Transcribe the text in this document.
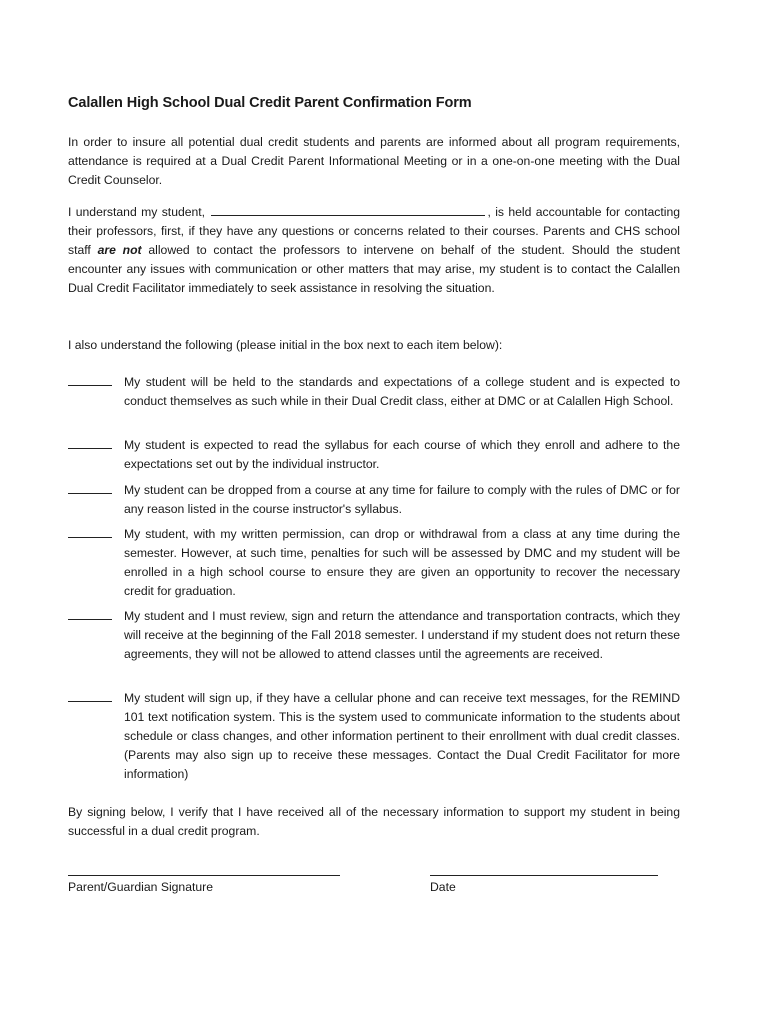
Calallen High School Dual Credit Parent Confirmation Form

In order to insure all potential dual credit students and parents are informed about all program requirements, attendance is required at a Dual Credit Parent Informational Meeting or in a one-on-one meeting with the Dual Credit Counselor.

I understand my student,	, is held accountable for contacting their professors, first, if they have any questions or concerns related to their courses. Parents and CHS school staff are not allowed to contact the professors to intervene on behalf of the student. Should the student encounter any issues with communication or other matters that may arise, my student is to contact the Calallen Dual Credit Facilitator immediately to seek assistance in resolving the situation.

I also understand the following (please initial in the box next to each item below):

My student will be held to the standards and expectations of a college student and is expected to conduct themselves as such while in their Dual Credit class, either at DMC or at Calallen High School.

My student is expected to read the syllabus for each course of which they enroll and adhere to the expectations set out by the individual instructor.

My student can be dropped from a course at any time for failure to comply with the rules of DMC or for any reason listed in the course instructor's syllabus.

My student, with my written permission, can drop or withdrawal from a class at any time during the semester. However, at such time, penalties for such will be assessed by DMC and my student will be enrolled in a high school course to ensure they are given an opportunity to recover the necessary credit for graduation.

My student and I must review, sign and return the attendance and transportation contracts, which they will receive at the beginning of the Fall 2018 semester. I understand if my student does not return these agreements, they will not be allowed to attend classes until the agreements are received.

My student will sign up, if they have a cellular phone and can receive text messages, for the REMIND 101 text notification system. This is the system used to communicate information to the students about schedule or class changes, and other information pertinent to their enrollment with dual credit classes. (Parents may also sign up to receive these messages. Contact the Dual Credit Facilitator for more information)

By signing below, I verify that I have received all of the necessary information to support my student in being successful in a dual credit program.

Parent/Guardian Signature	Date
